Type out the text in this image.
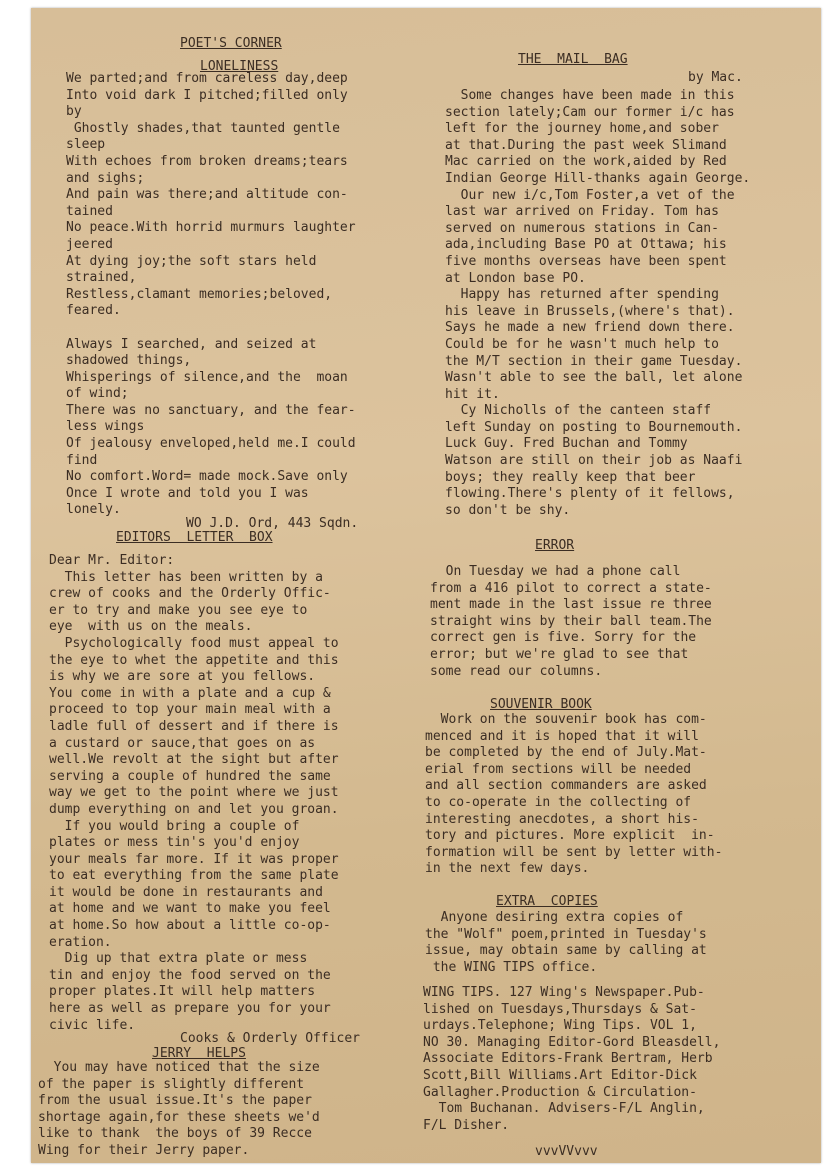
POET'S CORNER
LONELINESS
We parted;and from careless day,deep
Into void dark I pitched;filled only
by
Ghostly shades,that taunted gentle
sleep
With echoes from broken dreams;tears
and sighs;
And pain was there;and altitude con-
tained
No peace.With horrid murmurs laughter
jeered
At dying joy;the soft stars held
strained,
Restless,clamant memories;beloved,
feared.

Always I searched, and seized at
shadowed things,
Whisperings of silence,and the  moan
of wind;
There was no sanctuary, and the fear-
less wings
Of jealousy enveloped,held me.I could
find
No comfort.Word= made mock.Save only
Once I wrote and told you I was
lonely.
WO J.D. Ord, 443 Sqdn.
EDITORS  LETTER  BOX
Dear Mr. Editor:
This letter has been written by a
crew of cooks and the Orderly Offic-
er to try and make you see eye to
eye  with us on the meals.
Psychologically food must appeal to
the eye to whet the appetite and this
is why we are sore at you fellows.
You come in with a plate and a cup &
proceed to top your main meal with a
ladle full of dessert and if there is
a custard or sauce,that goes on as
well.We revolt at the sight but after
serving a couple of hundred the same
way we get to the point where we just
dump everything on and let you groan.
If you would bring a couple of
plates or mess tin's you'd enjoy
your meals far more. If it was proper
to eat everything from the same plate
it would be done in restaurants and
at home and we want to make you feel
at home.So how about a little co-op-
eration.
Dig up that extra plate or mess
tin and enjoy the food served on the
proper plates.It will help matters
here as well as prepare you for your
civic life.
Cooks & Orderly Officer
JERRY  HELPS
You may have noticed that the size
of the paper is slightly different
from the usual issue.It's the paper
shortage again,for these sheets we'd
like to thank  the boys of 39 Recce
Wing for their Jerry paper.
THE  MAIL  BAG
by Mac.
Some changes have been made in this
section lately;Cam our former i/c has
left for the journey home,and sober
at that.During the past week Slimand
Mac carried on the work,aided by Red
Indian George Hill-thanks again George.
Our new i/c,Tom Foster,a vet of the
last war arrived on Friday. Tom has
served on numerous stations in Can-
ada,including Base PO at Ottawa; his
five months overseas have been spent
at London base PO.
Happy has returned after spending
his leave in Brussels,(where's that).
Says he made a new friend down there.
Could be for he wasn't much help to
the M/T section in their game Tuesday.
Wasn't able to see the ball, let alone
hit it.
Cy Nicholls of the canteen staff
left Sunday on posting to Bournemouth.
Luck Guy. Fred Buchan and Tommy
Watson are still on their job as Naafi
boys; they really keep that beer
flowing.There's plenty of it fellows,
so don't be shy.
ERROR
On Tuesday we had a phone call
from a 416 pilot to correct a state-
ment made in the last issue re three
straight wins by their ball team.The
correct gen is five. Sorry for the
error; but we're glad to see that
some read our columns.
SOUVENIR BOOK
Work on the souvenir book has com-
menced and it is hoped that it will
be completed by the end of July.Mat-
erial from sections will be needed
and all section commanders are asked
to co-operate in the collecting of
interesting anecdotes, a short his-
tory and pictures. More explicit  in-
formation will be sent by letter with-
in the next few days.
EXTRA  COPIES
Anyone desiring extra copies of
the "Wolf" poem,printed in Tuesday's
issue, may obtain same by calling at
the WING TIPS office.
WING TIPS. 127 Wing's Newspaper.Pub-
lished on Tuesdays,Thursdays & Sat-
urdays.Telephone; Wing Tips. VOL 1,
NO 30. Managing Editor-Gord Bleasdell,
Associate Editors-Frank Bertram, Herb
Scott,Bill Williams.Art Editor-Dick
Gallagher.Production & Circulation-
Tom Buchanan. Advisers-F/L Anglin,
F/L Disher.
vvvVVvvv
